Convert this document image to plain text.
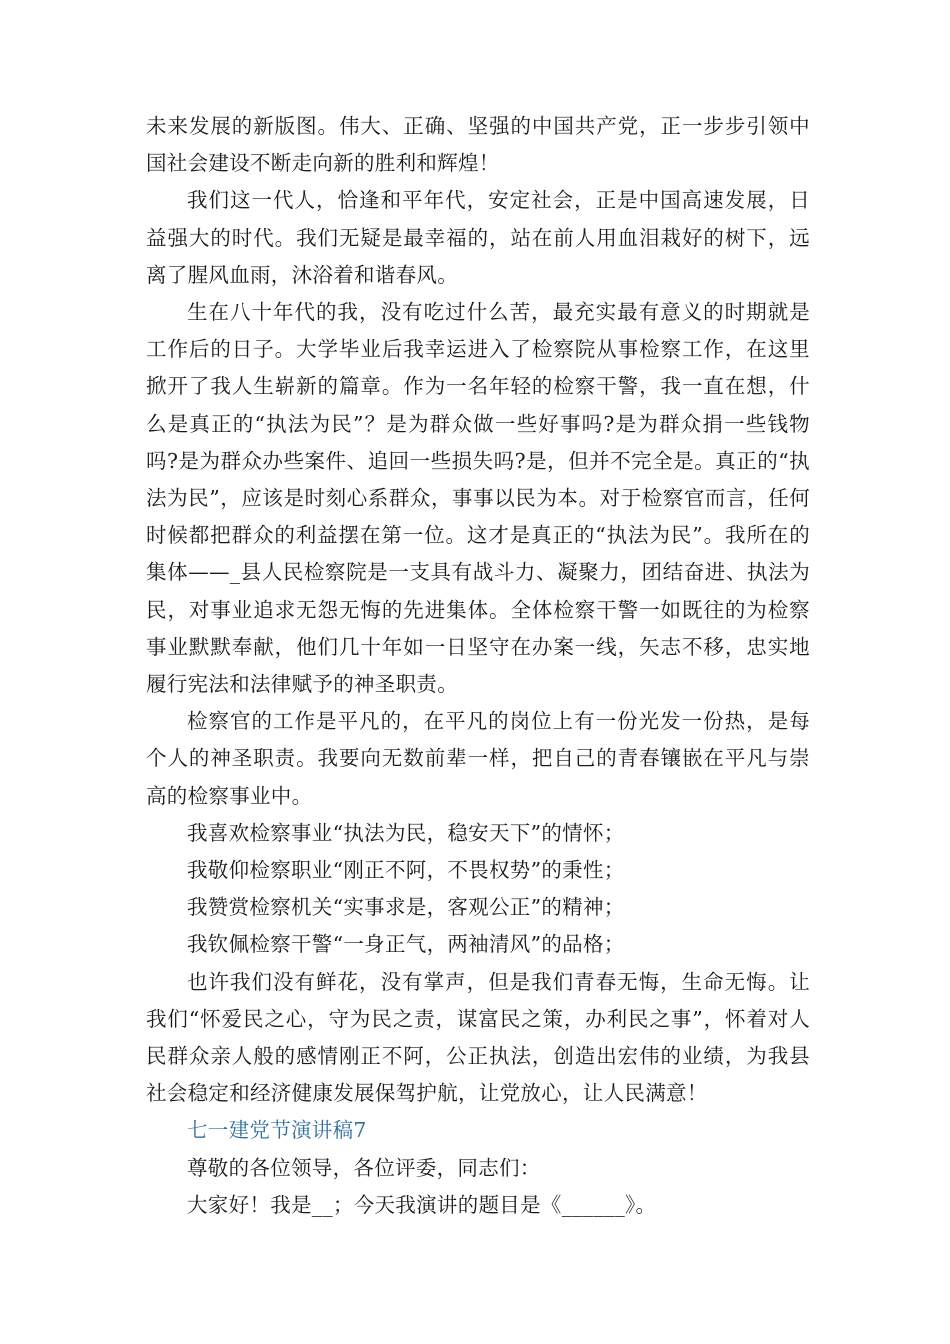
未来发展的新版图。伟大、正确、坚强的中国共产党，正一步步引领中国社会建设不断走向新的胜利和辉煌！

我们这一代人，恰逢和平年代，安定社会，正是中国高速发展，日益强大的时代。我们无疑是最幸福的，站在前人用血泪栽好的树下，远离了腥风血雨，沐浴着和谐春风。

生在八十年代的我，没有吃过什么苦，最充实最有意义的时期就是工作后的日子。大学毕业后我幸运进入了检察院从事检察工作，在这里掀开了我人生崭新的篇章。作为一名年轻的检察干警，我一直在想，什么是真正的“执法为民”？是为群众做一些好事吗?是为群众捐一些钱物吗?是为群众办些案件、追回一些损失吗?是，但并不完全是。真正的“执法为民”，应该是时刻心系群众，事事以民为本。对于检察官而言，任何时候都把群众的利益摆在第一位。这才是真正的“执法为民”。我所在的集体——_县人民检察院是一支具有战斗力、凝聚力，团结奋进、执法为民，对事业追求无怨无悔的先进集体。全体检察干警一如既往的为检察事业默默奉献，他们几十年如一日坚守在办案一线，矢志不移，忠实地履行宪法和法律赋予的神圣职责。

检察官的工作是平凡的，在平凡的岗位上有一份光发一份热，是每个人的神圣职责。我要向无数前辈一样，把自己的青春镶嵌在平凡与崇高的检察事业中。

我喜欢检察事业“执法为民，稳安天下”的情怀；

我敬仰检察职业“刚正不阿，不畏权势”的秉性；

我赞赏检察机关“实事求是，客观公正”的精神；

我钦佩检察干警“一身正气，两袖清风”的品格；

也许我们没有鲜花，没有掌声，但是我们青春无悔，生命无悔。让我们“怀爱民之心，守为民之责，谋富民之策，办利民之事”，怀着对人民群众亲人般的感情刚正不阿，公正执法，创造出宏伟的业绩，为我县社会稳定和经济健康发展保驾护航，让党放心，让人民满意！

七一建党节演讲稿7

尊敬的各位领导，各位评委，同志们：

大家好！我是__；今天我演讲的题目是《______》。
